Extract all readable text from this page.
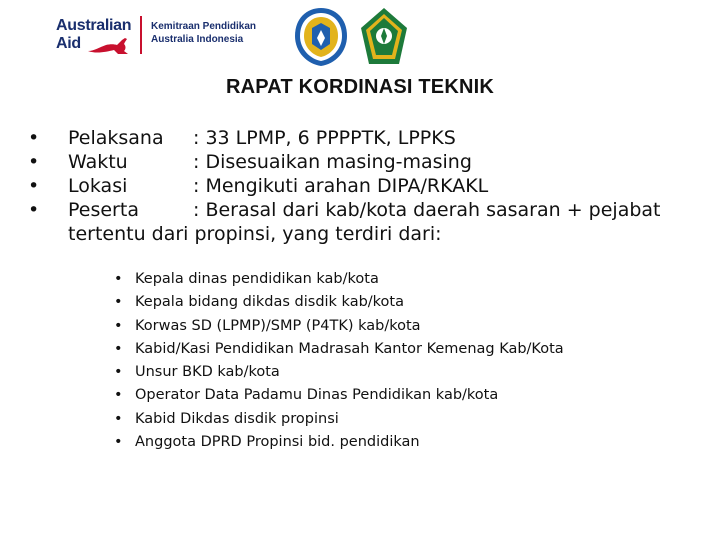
Australian
Aid
Kemitraan Pendidikan
Australia Indonesia
RAPAT KORDINASI TEKNIK
• Pelaksana : 33 LPMP, 6 PPPPTK, LPPKS
• Waktu	: Disesuaikan masing-masing
• Lokasi	: Mengikuti arahan DIPA/RKAKL
• Peserta	: Berasal dari kab/kota daerah sasaran + pejabat
tertentu dari propinsi, yang terdiri dari:
• Kepala dinas pendidikan kab/kota
• Kepala bidang dikdas disdik kab/kota
• Korwas SD (LPMP)/SMP (P4TK) kab/kota
• Kabid/Kasi Pendidikan Madrasah Kantor Kemenag Kab/Kota
• Unsur BKD kab/kota
• Operator Data Padamu Dinas Pendidikan kab/kota
• Kabid Dikdas disdik propinsi
• Anggota DPRD Propinsi bid. pendidikan
